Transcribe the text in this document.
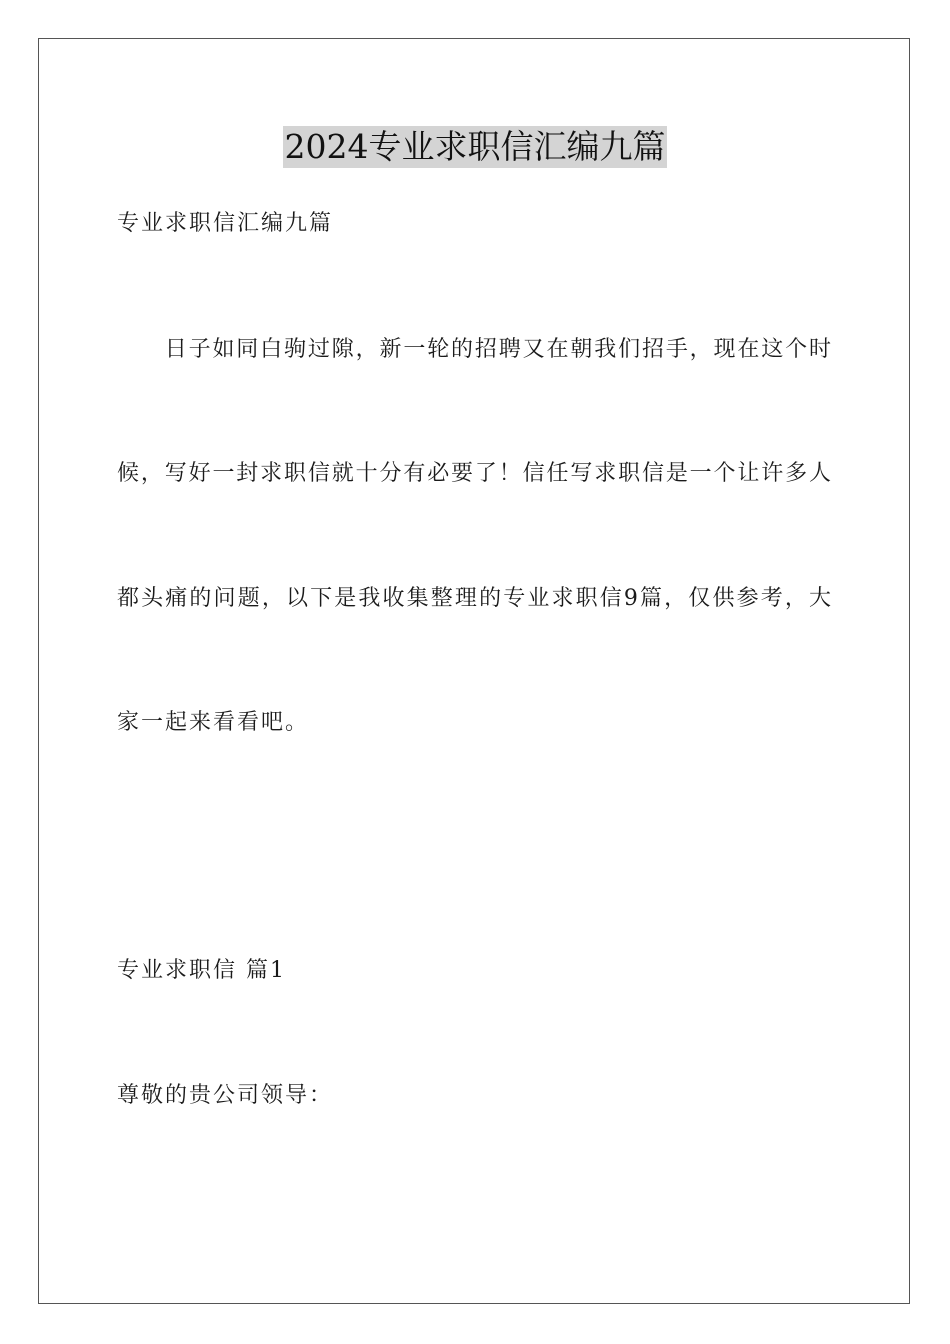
2024专业求职信汇编九篇
专业求职信汇编九篇
　　日子如同白驹过隙，新一轮的招聘又在朝我们招手，现在这个时
候，写好一封求职信就十分有必要了！信任写求职信是一个让许多人
都头痛的问题，以下是我收集整理的专业求职信9篇，仅供参考，大
家一起来看看吧。
专业求职信 篇1
尊敬的贵公司领导：
